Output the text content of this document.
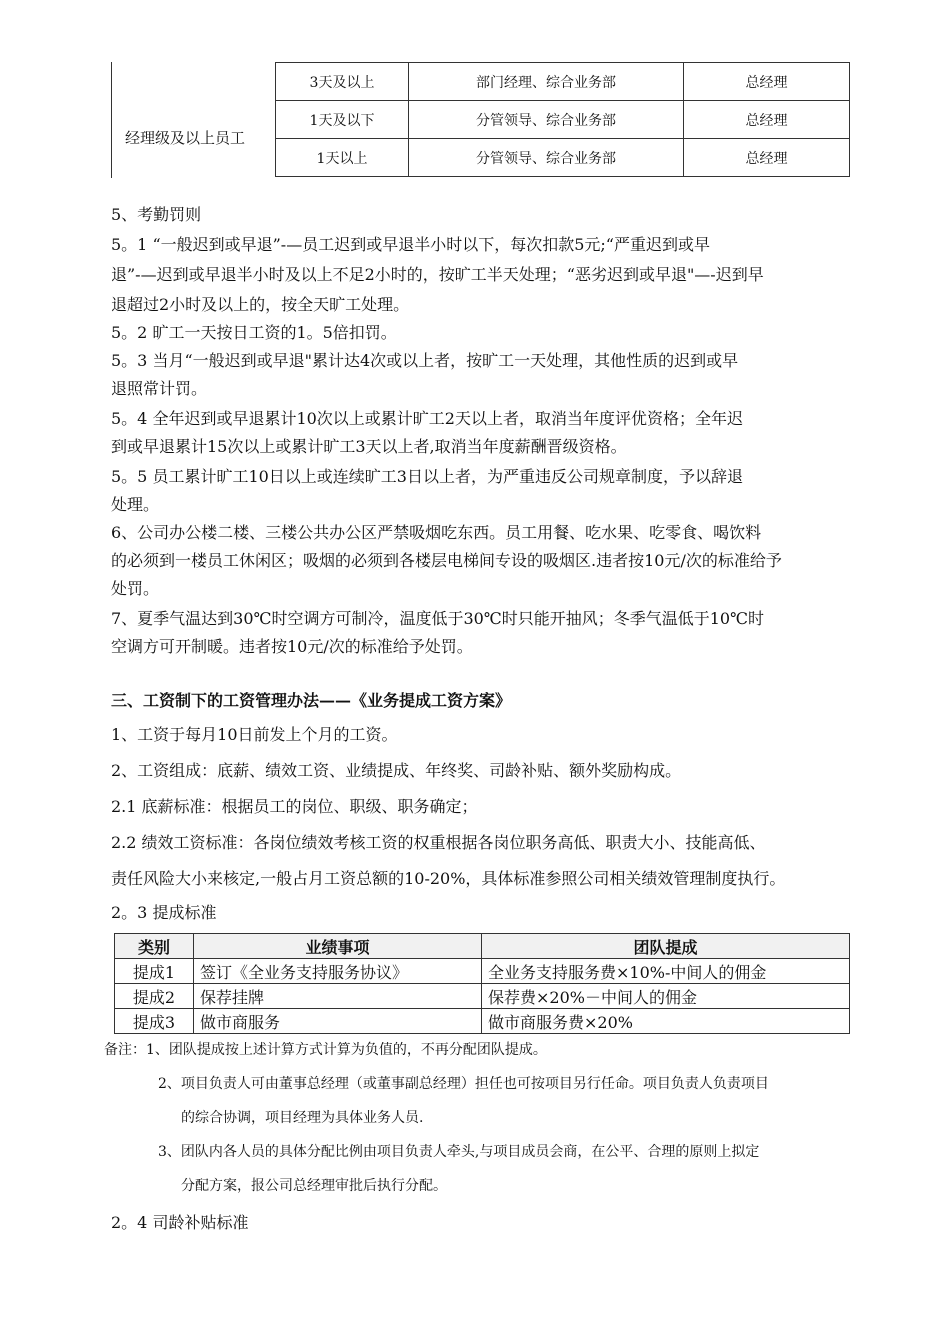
经理级及以上员工
3天及以上	部门经理、综合业务部	总经理
1天及以下	分管领导、综合业务部	总经理
1天以上	分管领导、综合业务部	总经理
5、考勤罚则
5。1 “一般迟到或早退”-—员工迟到或早退半小时以下，每次扣款5元;“严重迟到或早
退”-—迟到或早退半小时及以上不足2小时的，按旷工半天处理；“恶劣迟到或早退"—-迟到早
退超过2小时及以上的，按全天旷工处理。
5。2 旷工一天按日工资的1。5倍扣罚。
5。3 当月“一般迟到或早退"累计达4次或以上者，按旷工一天处理，其他性质的迟到或早
退照常计罚。
5。4 全年迟到或早退累计10次以上或累计旷工2天以上者，取消当年度评优资格；全年迟
到或早退累计15次以上或累计旷工3天以上者,取消当年度薪酬晋级资格。
5。5 员工累计旷工10日以上或连续旷工3日以上者，为严重违反公司规章制度，予以辞退
处理。
6、公司办公楼二楼、三楼公共办公区严禁吸烟吃东西。员工用餐、吃水果、吃零食、喝饮料
的必须到一楼员工休闲区；吸烟的必须到各楼层电梯间专设的吸烟区.违者按10元/次的标准给予
处罚。
7、夏季气温达到30℃时空调方可制冷，温度低于30℃时只能开抽风；冬季气温低于10℃时
空调方可开制暖。违者按10元/次的标准给予处罚。
三、工资制下的工资管理办法——《业务提成工资方案》
1、工资于每月10日前发上个月的工资。
2、工资组成：底薪、绩效工资、业绩提成、年终奖、司龄补贴、额外奖励构成。
2.1 底薪标准：根据员工的岗位、职级、职务确定；
2.2 绩效工资标准：各岗位绩效考核工资的权重根据各岗位职务高低、职责大小、技能高低、
责任风险大小来核定,一般占月工资总额的10-20%，具体标准参照公司相关绩效管理制度执行。
2。3 提成标准
类别	业绩事项	团队提成
提成1	签订《全业务支持服务协议》	全业务支持服务费×10%-中间人的佣金
提成2	保荐挂牌	保荐费×20%－中间人的佣金
提成3	做市商服务	做市商服务费×20%
备注：1、团队提成按上述计算方式计算为负值的，不再分配团队提成。
2、项目负责人可由董事总经理（或董事副总经理）担任也可按项目另行任命。项目负责人负责项目
的综合协调，项目经理为具体业务人员.
3、团队内各人员的具体分配比例由项目负责人牵头,与项目成员会商，在公平、合理的原则上拟定
分配方案，报公司总经理审批后执行分配。
2。4 司龄补贴标准
